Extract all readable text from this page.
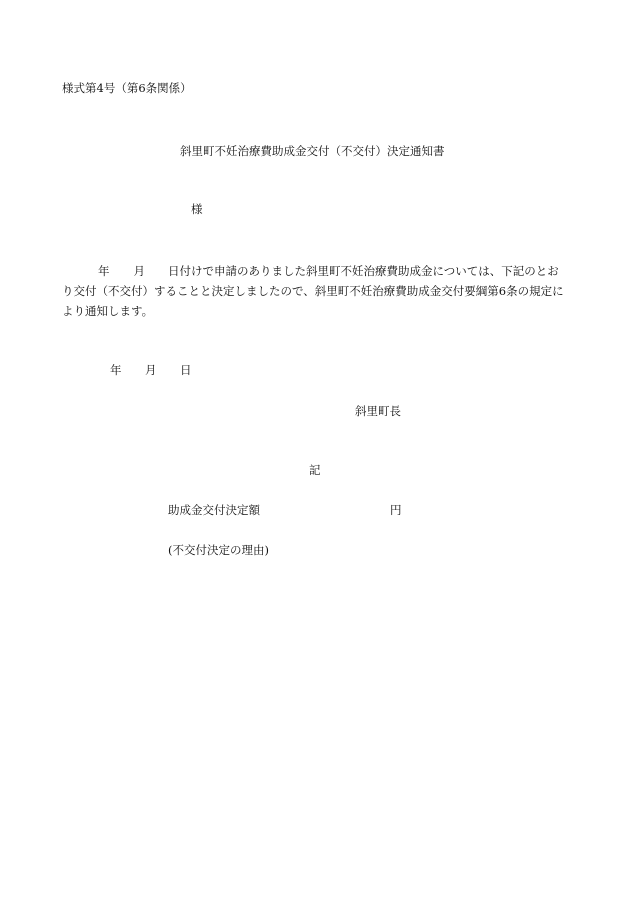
様式第4号（第6条関係）
斜里町不妊治療費助成金交付（不交付）決定通知書
様
年 月 日付けで申請のありました斜里町不妊治療費助成金については、下記のとお
り交付（不交付）することと決定しましたので、斜里町不妊治療費助成金交付要綱第6条の規定に
より通知します。
年 月 日
斜里町長
記
助成金交付決定額	円
(不交付決定の理由)
